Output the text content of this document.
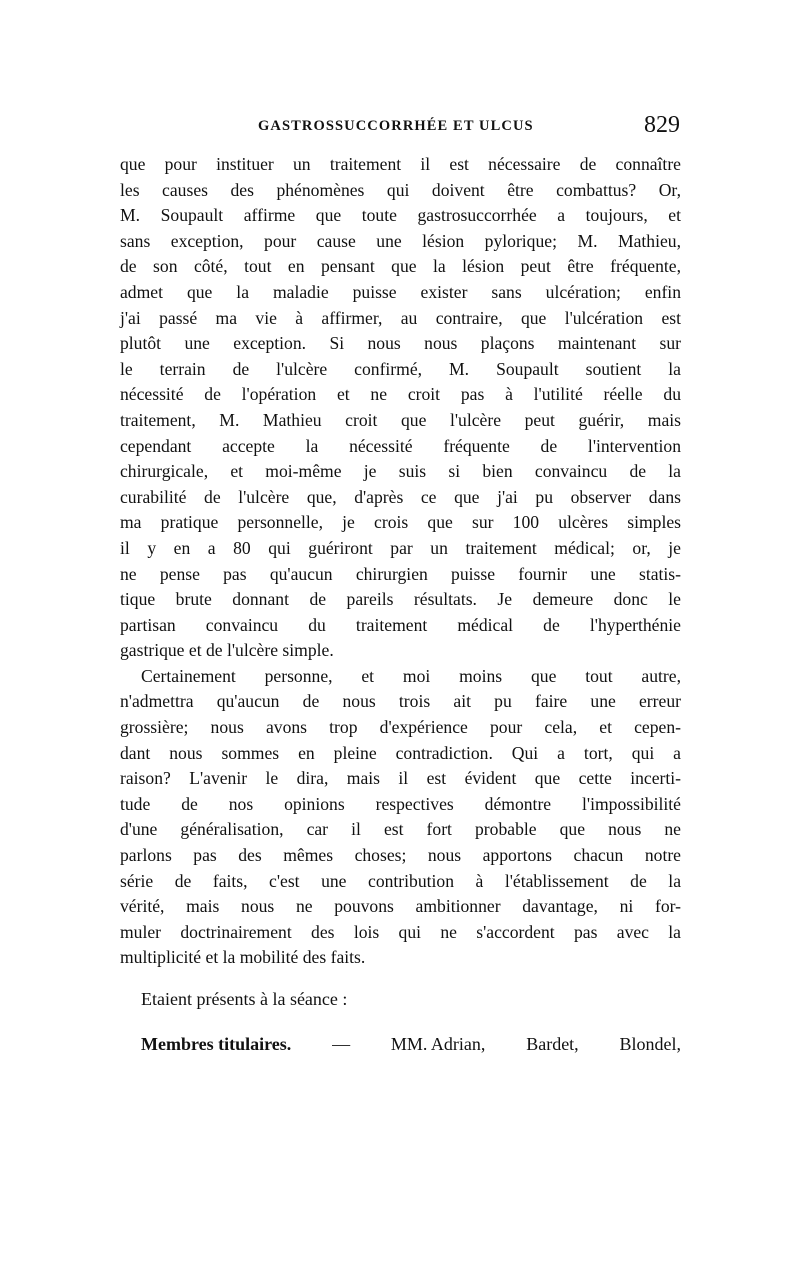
GASTROSSUCCORRHÉE ET ULCUS	829
que pour instituer un traitement il est nécessaire de connaître
les causes des phénomènes qui doivent être combattus? Or,
M. Soupault affirme que toute gastrosuccorrhée a toujours, et
sans exception, pour cause une lésion pylorique; M. Mathieu,
de son côté, tout en pensant que la lésion peut être fréquente,
admet que la maladie puisse exister sans ulcération; enfin
j'ai passé ma vie à affirmer, au contraire, que l'ulcération est
plutôt une exception. Si nous nous plaçons maintenant sur
le terrain de l'ulcère confirmé, M. Soupault soutient la
nécessité de l'opération et ne croit pas à l'utilité réelle du
traitement, M. Mathieu croit que l'ulcère peut guérir, mais
cependant accepte la nécessité fréquente de l'intervention
chirurgicale, et moi-même je suis si bien convaincu de la
curabilité de l'ulcère que, d'après ce que j'ai pu observer dans
ma pratique personnelle, je crois que sur 100 ulcères simples
il y en a 80 qui guériront par un traitement médical; or, je
ne pense pas qu'aucun chirurgien puisse fournir une statis-
tique brute donnant de pareils résultats. Je demeure donc le
partisan convaincu du traitement médical de l'hyperthénie
gastrique et de l'ulcère simple.
Certainement personne, et moi moins que tout autre,
n'admettra qu'aucun de nous trois ait pu faire une erreur
grossière; nous avons trop d'expérience pour cela, et cepen-
dant nous sommes en pleine contradiction. Qui a tort, qui a
raison? L'avenir le dira, mais il est évident que cette incerti-
tude de nos opinions respectives démontre l'impossibilité
d'une généralisation, car il est fort probable que nous ne
parlons pas des mêmes choses; nous apportons chacun notre
série de faits, c'est une contribution à l'établissement de la
vérité, mais nous ne pouvons ambitionner davantage, ni for-
muler doctrinairement des lois qui ne s'accordent pas avec la
multiplicité et la mobilité des faits.
Etaient présents à la séance :
Membres titulaires. — MM. Adrian, Bardet, Blondel,
